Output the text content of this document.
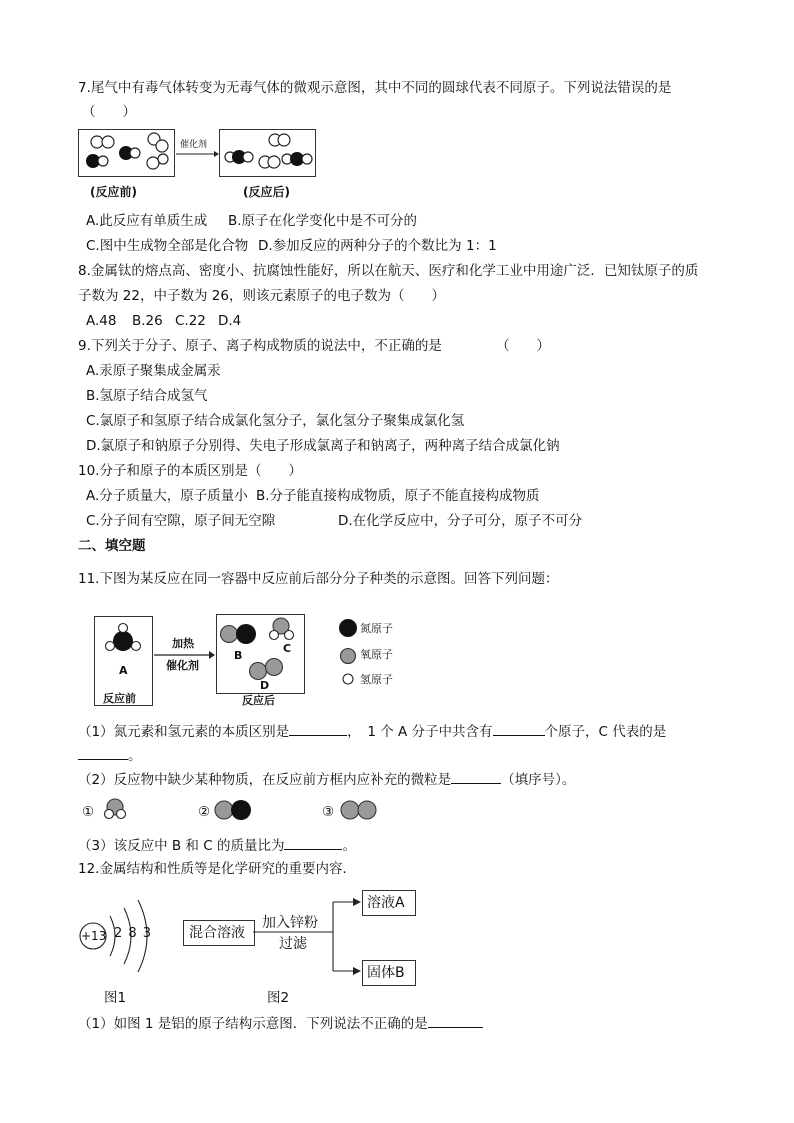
7.尾气中有毒气体转变为无毒气体的微观示意图，其中不同的圆球代表不同原子。下列说法错误的是
（　　）
催化剂
(反应前)	(反应后)
A.此反应有单质生成 B.原子在化学变化中是不可分的
C.图中生成物全部是化合物 D.参加反应的两种分子的个数比为 1：1
8.金属钛的熔点高、密度小、抗腐蚀性能好，所以在航天、医疗和化学工业中用途广泛．已知钛原子的质
子数为 22，中子数为 26，则该元素原子的电子数为（　　）
A.48 B.26 C.22 D.4
9.下列关于分子、原子、离子构成物质的说法中，不正确的是	（　　）
A.汞原子聚集成金属汞
B.氢原子结合成氢气
C.氯原子和氢原子结合成氯化氢分子，氯化氢分子聚集成氯化氢
D.氯原子和钠原子分别得、失电子形成氯离子和钠离子，两种离子结合成氯化钠
10.分子和原子的本质区别是（　　）
A.分子质量大，原子质量小 B.分子能直接构成物质，原子不能直接构成物质
C.分子间有空隙，原子间无空隙	D.在化学反应中，分子可分，原子不可分
二、填空题
11.下图为某反应在同一容器中反应前后部分分子种类的示意图。回答下列问题：
A
反应前
加热
催化剂
B
C
D
反应后
氮原子
氧原子
氢原子
（1）氮元素和氢元素的本质区别是	，　1 个 A 分子中共含有	个原子，C 代表的是
。
（2）反应物中缺少某种物质，在反应前方框内应补充的微粒是	（填序号）。
①	②	③
（3）该反应中 B 和 C 的质量比为	。
12.金属结构和性质等是化学研究的重要内容．
+13 2 8 3	混合溶液
加入锌粉
过滤
溶液A
固体B
图1	图2
（1）如图 1 是铝的原子结构示意图．下列说法不正确的是
